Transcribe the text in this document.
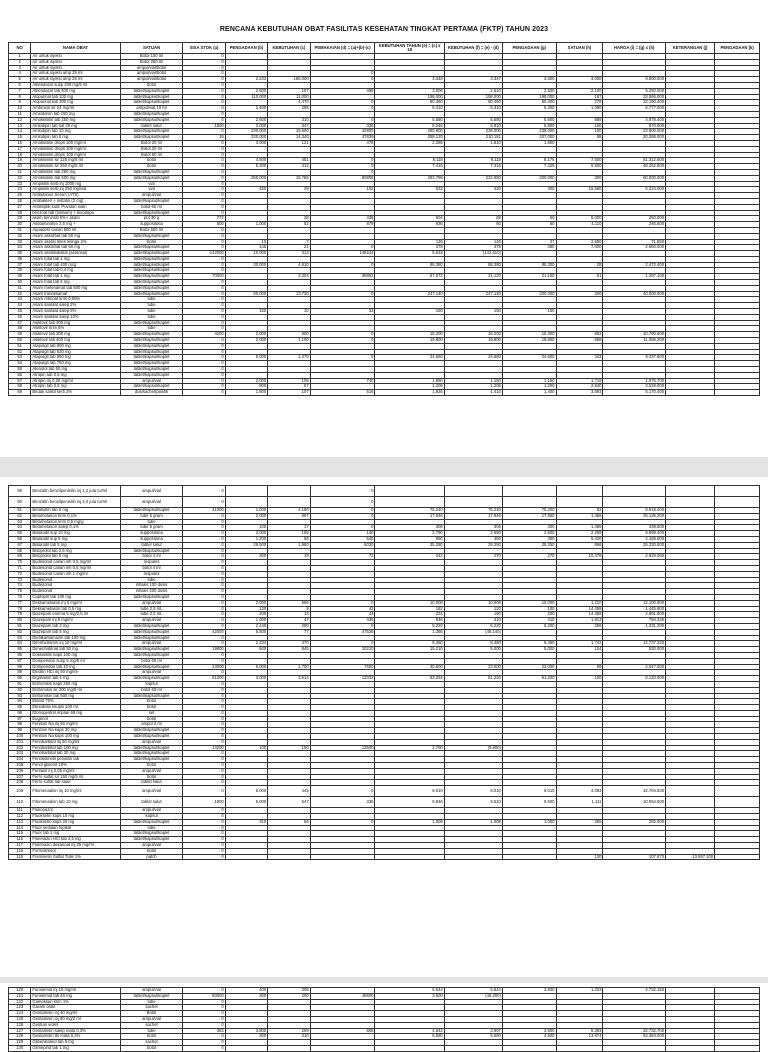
RENCANA KEBUTUHAN OBAT FASILITAS KESEHATAN TINGKAT PERTAMA (FKTP) TAHUN 2023
NO	NAMA OBAT	SATUAN	SISA STOK (a)	PENGADAAN (b)	KEBUTUHAN (c)	PEMAKAIAN (d) = (a)+(b)-(c)	KEBUTUHAN TAHUN (e) = (c) x 18	KEBUTUHAN (f) = (e) - (d)	PENGADAAN (g)	SATUAN (h)	HARGA (i) = (g) x (h)	KETERANGAN (j)	PENGADAAN (k)
1	Air untuk injeksi	Botol 100 ml	0										
2	Air untuk injeksi	Botol 250 ml	0										
3	Air untuk injeksi	ampul/vial/botol	0										
4	Air untuk injeksi amp 25 ml	ampul/vial/botol	0			0							
5	Air untuk injeksi amp 25 ml	ampul/vial/botol	0	2.233	186.000	0	3.348	3.347	3.300	3.000	9.900.000		
6	Albendazol susp 200 mg/5 ml	botol	0										
7	Albendazol tab 400 mg	tablet/kapsul/kaplet	0	2.500	167	498	3.006	2.510	2.500	2.100	5.250.000		
8	Alopurinol tab 100 mg	tablet/kapsul/kaplet	0	110.000	11.000		198.000	198.000	198.000	167	33.066.000		
9	Alopurinol tab 300 mg	tablet/kapsul/kaplet	0		4.470	0	80.460	80.460	80.400	276	22.190.400		
10	Ambroxol sir 24 mg/ml	ampul/vial 10 ml	0	2.400	295	0	5.310	5.310	5.300	1.090	5.777.000		
11	Amiodaron tab 150 mg	tablet/kapsul/kaplet	0										
12	Amoksisilin tab 250 mg	tablet/kapsul/kaplet	0	2.600	310	0	5.580	5.580	5.600	889	4.978.400		
13	Amlodipin tab sal 25 mg	tablet salut	1500	3.000	347	336	6.246	5.910	5.800	150	870.000		
14	Amlodipin tab 10 mg	tablet/kapsul/kaplet	0	230.000	15.600	42800	280.800	238.000	238.000	100	23.800.000		
15	Amlodipin tab 5 mg	tablet/kapsul/kaplet	19	220.000	14.340	47839	258.120	210.181	207.000	98	20.286.000		
16	Amoksisilin drops 100 mg/ml	Botol 20 ml	0	3.000	121	478	2.286	1.810	1.800				
17	Amoksisilin drops 100 mg/ml	Botol 20 ml	0										
18	Amoksisilin drops 100 mg/ml	Botol 60 ml	0										
19	Amoksisilin sir 125 mg/5 ml	botol	0	4.500	451	0	8.118	8.118	8.175	7.500	61.312.500		
20	Amoksisilin sir 250 mg/5 ml	botol	0	5.300	412	0	7.416	7.416	7.425	6.500	48.262.500		
21	Amoksisilin tab 250 mg	tablet/kapsul/kaplet	0			0							
22	Amoksisilin tab 500 mg	tablet/kapsul/kaplet	0	250.000	15.766	60808	283.788	222.980	200.000	300	60.000.000		
23	Ampisilin serb inj 1000 mg	vial	0										
24	Ampisilin serb inj 250 mg/vial	vial	0	450	29	102	522	420	400	15.560	6.224.000		
25	Antitetanus Serum (ATS)	ampul/vial	0										
26	Antibakteri + nistatin (2 mg)	tablet/kapsul/kaplet	0										
27	Antiseptik kulit: Povidon iodin	botol 60 ml	0										
28	benzoat tab (natrium) + levodopa	tablet/kapsul/kaplet	0										
29	asam benzoat 6%+ asam	pot 30 g	772		28	436	504	68	50	5.000	250.000		
30	Asetaminofen 2,5 mg +	suppositoria	500	1.000	52	879	936	60	60	4.110	246.600		
31	Aquadest cairan 500 ml	Botol 500 ml	0										
32	Asam askorbat tab 50 mg	tablet/kapsul/kaplet	0										
33	Asam asetat tetes telinga 2%	botol	0	10	7		126	126	27	2.650	71.550		
34	Asam askorbat tab 50 mg	tablet/kapsul/kaplet	0	145	21	0	378	378	380	7.000	2.660.000		
35	Asam asetilsalisilat (asetosal)	tablet/kapsul/kaplet	142000	10.000	313	148244	5.634	(142.610)					
36	Asam folat tab 1 mg	tablet/kapsul/kaplet	0										
37	Asam folat tab 400 mcg	tablet/kapsul/kaplet	0	30.000	4.910	0	88.380	88.380	88.300	28	2.472.400		
38	Asam folat tab 0,4 mg	tablet/kapsul/kaplet	0										
39	Asam folat tab 1 mg	tablet/kapsul/kaplet	70000		3.204	36852	57.672	21.120	21.100	61	1.287.100		
40	Asam folat tab 5 mg	tablet/kapsul/kaplet	0										
41	Asam mefenamat tab 500 mg	tablet/kapsul/kaplet	0										
42	Asam traneksamat	tablet/kapsul/kaplet	0	50.000	13.730	0	247.140	247.140	200.000	200	40.000.000		
43	Asam retinoat krim 0,05%	tube	0										
44	Asam salisilat salep 2%	tube	0										
45	Asam salisilat salep 5%	tube	0	150	10	33	180	150	150				
46	Asam salisilat salep 10%	tube	0										
47	Asiklovir tab 200 mg	tablet/kapsul/kaplet	0										
48	Asiklovir krim 5%	tube	0										
49	Asiklovir tab 200 mg	tablet/kapsul/kaplet	4200	2.000	900	0	16.200	16.200	16.300	662	10.790.600		
50	Asiklovir tab 400 mg	tablet/kapsul/kaplet	0	2.000	1.100	0	19.800	19.800	19.800	558	11.066.200		
51	Atapulgit tab 600 mg	tablet/kapsul/kaplet	0										
52	Atapulgit tab 630 mg	tablet/kapsul/kaplet	0										
53	Atapulgit tab 650 mg	tablet/kapsul/kaplet	0	5.000	1.370	0	24.660	24.660	24.600	343	8.437.800		
54	Atapulgit tab 750 mg	tablet/kapsul/kaplet	0										
55	Atenolol tab 50 mg	tablet/kapsul/kaplet	0										
56	Atropin tab 0,5 mg	tablet/kapsul/kaplet	0										
57	Atropin inj 0,25 mg/ml	ampul/vial	0	2.000	105	740	1.890	1.150	1.150	1.718	1.975.700		
58	Atropin tab 0,5 mg	tablet/kapsul/kaplet	0	800	67		1.206	1.206	1.200	2.940	3.528.000		
59	Bedak salisil serb 2%	dus/sachet/plastik	0	1.800	107	516	1.926	1.410	1.400	3.693	5.170.400		
59	Benzatin benzilpenisilin inj 1,2 juta IU/ml	ampul/vial	0			0							
60	Benzatin benzilpenisilin inj 2,4 juta IU/ml	ampul/vial	0			0							
61	Betahistin tab 6 mg	tablet/kapsul/kaplet	41000	1.000	4.180	0	75.240	75.240	75.200	82	6.918.400		
62	Betametason krim 0,1%	tube 5 gram	0	2.000	997	0	17.946	17.946	17.950	1.456	26.135.200		
63	Betametason krim 0,5 mg/g	tube	0										
64	Betametason salep 0,1%	tube 5 gram	0	100	17	0	306	306	300	1.465	439.500		
65	Bisakodil sup 10 mg	suppositoria	0	2.000	155	140	2.790	2.650	2.600	2.269	5.899.400		
66	Bisakodil sup 5 mg	suppositoria	0	1.200	55	540	990	450	400	5.420	2.168.000		
67	Bisakodil tab 5 mg	tablet salut	0	29.500	1.960	6030	35.280	29.250	29.250	866	25.330.500		
68	Bisoprolol tab 2,5 mg	tablet/kapsul/kaplet	0										
69	Bisoprolol tab 5 mg	botol 4 ml	0	300	19	72	342	270	270	10.478	2.829.060		
70	Budesonid cairan inh 0,5 mg/ml	respules	0										
71	Budesonid cairan inh 0,5 mg/ml	botol 4 ml	0										
72	Budesonid cairan inh 1 mg/ml	respules	0										
73	Budesonid	tube	0										
74	Budesonid	inhaler 100 dosis	0										
75	Budesonid	inhaler 200 dosis	0										
76	Captopril tab 100 mg	tablet/kapsul/kaplet	0										
77	Deksametason inj 5 mg/ml	ampul/vial	0	2.000	556	0	10.008	10.008	10.000	1.210	12.100.000		
78	Deksametason tab 0,5 mg	tube 2,5 mL	0	130	9	42	162	120	100	14.459	1.445.900		
79	Diazepam enema 5 mg/2,5 ml	tube 2,5 mL	0	200	13	44	234	190	200	14.459	2.891.800		
80	Diazepam inj 5 mg/ml	ampul/vial	0	1.000	47	436	846	410	410	1.913	784.330		
81	Diazepam tab 2 mg	tablet/kapsul/kaplet	0	2.440	290	0	5.220	5.220	5.200	256	1.331.200		
82	Diazepam tab 5 mg	tablet/kapsul/kaplet	42000	5.500	77	47526	1.386	(46.140)					
83	Dietilkarbamazin tab 100 mg	tablet/kapsul/kaplet	0										
84	Difenhidramin inj 10 mg/ml	ampul/vial	0	2.234	470	0	8.460	8.460	8.460	1.742	14.737.320		
85	Dimenhidrinat tab 50 mg	tablet/kapsul/kaplet	19800	500	845	10210	15.210	5.000	5.000	104	520.000		
86	Doksisiklin kaps 100 mg	tablet/kapsul/kaplet	0										
87	Domperidon susp 5 mg/5 ml	botol 60 ml	0										
88	Domperidon tab 10 mg	tablet/kapsul/kaplet	23000	5.000	1.700	7600	30.600	23.000	23.000	89	2.047.000		
89	Efedrin HCl inj 50 mg/ml	ampul/vial	0										
90	Ergotamin tab 1 mg	tablet/kapsul/kaplet	51200	3.000	3.514	12032	63.252	51.220	51.200	100	5.120.000		
91	Eritromisin kaps 250 mg	kapsul	0										
92	Eritromisin sir 200 mg/5 ml	botol 60 ml	0										
93	Eritromisin tab 500 mg	tablet/kapsul/kaplet	0										
94	Etanol 70%	botol	0										
95	Etinodiola sirupsi 100 ml	botol	0										
96	Etonogestrel implan 68 mg	set	0										
97	Eugenol	botol	0										
98	Fenitoin Na inj 50 mg/ml	ampul 2 ml	0										
99	Fenitoin Na kaps 30 mg	tablet/kapsul/kaplet	0										
100	Fenitoin Na kaps 100 mg	tablet/kapsul/kaplet	0										
101	Fenobarbital inj 50 mg/ml	ampul/vial	0										
102	Fenobarbital tab 100 mg	tablet/kapsul/kaplet	14200	100	150	12500	2.700	(9.800)					
103	Fenobarbital tab 30 mg	tablet/kapsul/kaplet	0										
104	Fenoksimetil penisilin tab	tablet/kapsul/kaplet	0										
105	Fenol gliserol 10%	botol	0										
106	Fentanil inj 0,05 mg/ml	ampul/vial	0										
107	Ferro sulfat sir 150 mg/5 ml	botol	0										
108	Ferro sulfat tab salut	tablet salut	0										
109	Fitomenadion inj 10 mg/ml	ampul/vial	0	5.000	445	0	8.010	8.010	8.010	4.083	32.704.830		
110	Fitomenadion tab 10 mg	tablet salut	1900	5.000	547	336	9.846	9.510	9.500	1.111	10.554.500		
111	Flukonazol	ampul/vial	0										
112	Fluoksetin kaps 10 mg	kapsul	0										
113	Fluoksetin kaps 20 mg	tablet/kapsul/kaplet	0	310	56	0	1.008	1.008	1.000	255	255.000		
114	Fluor sediaan topikal	tube	0										
115	Fluor tab 1 mg	tablet/kapsul/kaplet	0										
116	Flufenazin HCl tab 2,5 mg	tablet/kapsul/kaplet	0										
117	Flufenazin dekanoat inj 25 mg/ml	ampul/vial	0										
118	Formokresol	botol	0										
119	Framisetin Sulfat Tulle 1%	patch	0							130	107.670	13.997.100	
120	Furosemid inj 10 mg/ml	ampul/vial	0	400	306		5.544	5.544	3.500	1.333	4.732.150		
121	Furosemid tab 40 mg	tablet/kapsul/kaplet	50000	300	200	49800	3.600	(46.200)					
122	Gameksan krim 1%	tube	0										
123	Garam oralit	sachet	0										
124	Gentamisin inj 40 mg/ml	Botol	0										
125	Gentamisin inj 80 mg/2 ml	ampul/vial	0										
126	Gentian violet	sachet	0										
127	Gentamisin salep mata 0,3%	tube	363	3.800	269	605	4.842	3.997	3.900	8.393	32.732.700		
128	Gentamisin tts mata 0,3%	botol	0	300	310		5.580	5.580	4.500	13.874	54.384.000		
129	Glibenklamid tab 5 mg	sachet	0										
130	Glimepirid tab 1 mg	botol	0										
